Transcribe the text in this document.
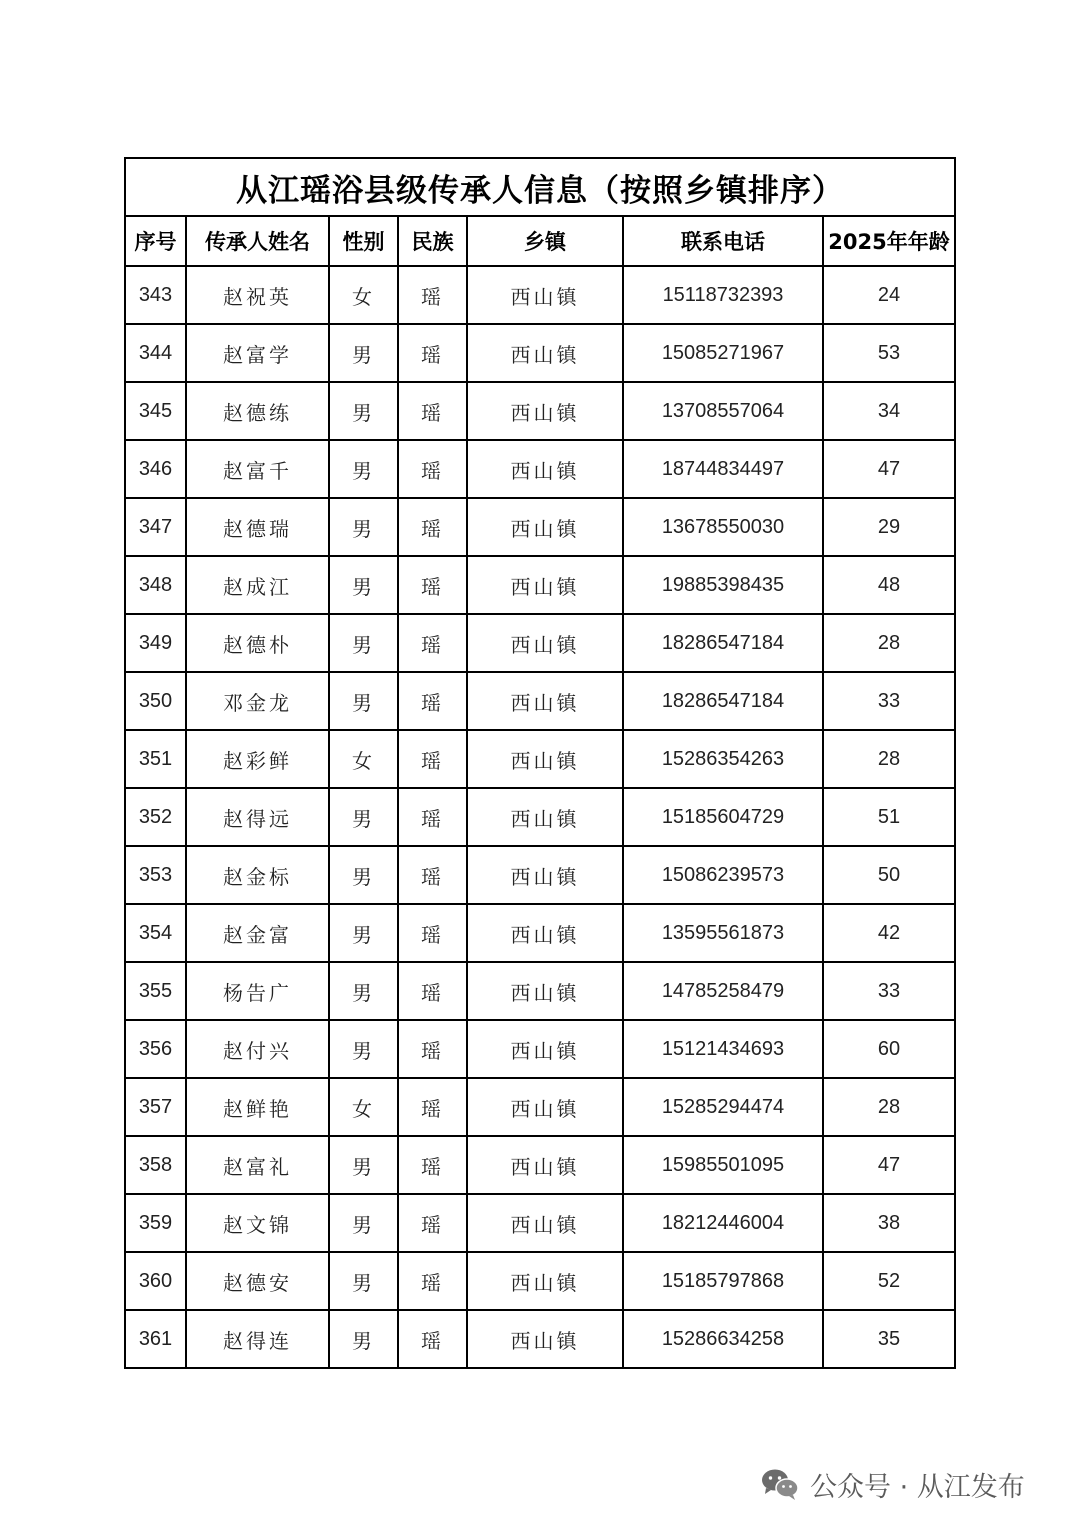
从江瑶浴县级传承人信息（按照乡镇排序）						
序号	传承人姓名	性别	民族	乡镇	联系电话	2025年年龄
343	赵祝英	女	瑶	西山镇	15118732393	24
344	赵富学	男	瑶	西山镇	15085271967	53
345	赵德练	男	瑶	西山镇	13708557064	34
346	赵富千	男	瑶	西山镇	18744834497	47
347	赵德瑞	男	瑶	西山镇	13678550030	29
348	赵成江	男	瑶	西山镇	19885398435	48
349	赵德朴	男	瑶	西山镇	18286547184	28
350	邓金龙	男	瑶	西山镇	18286547184	33
351	赵彩鲜	女	瑶	西山镇	15286354263	28
352	赵得远	男	瑶	西山镇	15185604729	51
353	赵金标	男	瑶	西山镇	15086239573	50
354	赵金富	男	瑶	西山镇	13595561873	42
355	杨告广	男	瑶	西山镇	14785258479	33
356	赵付兴	男	瑶	西山镇	15121434693	60
357	赵鲜艳	女	瑶	西山镇	15285294474	28
358	赵富礼	男	瑶	西山镇	15985501095	47
359	赵文锦	男	瑶	西山镇	18212446004	38
360	赵德安	男	瑶	西山镇	15185797868	52
361	赵得连	男	瑶	西山镇	15286634258	35
公众号 · 从江发布
